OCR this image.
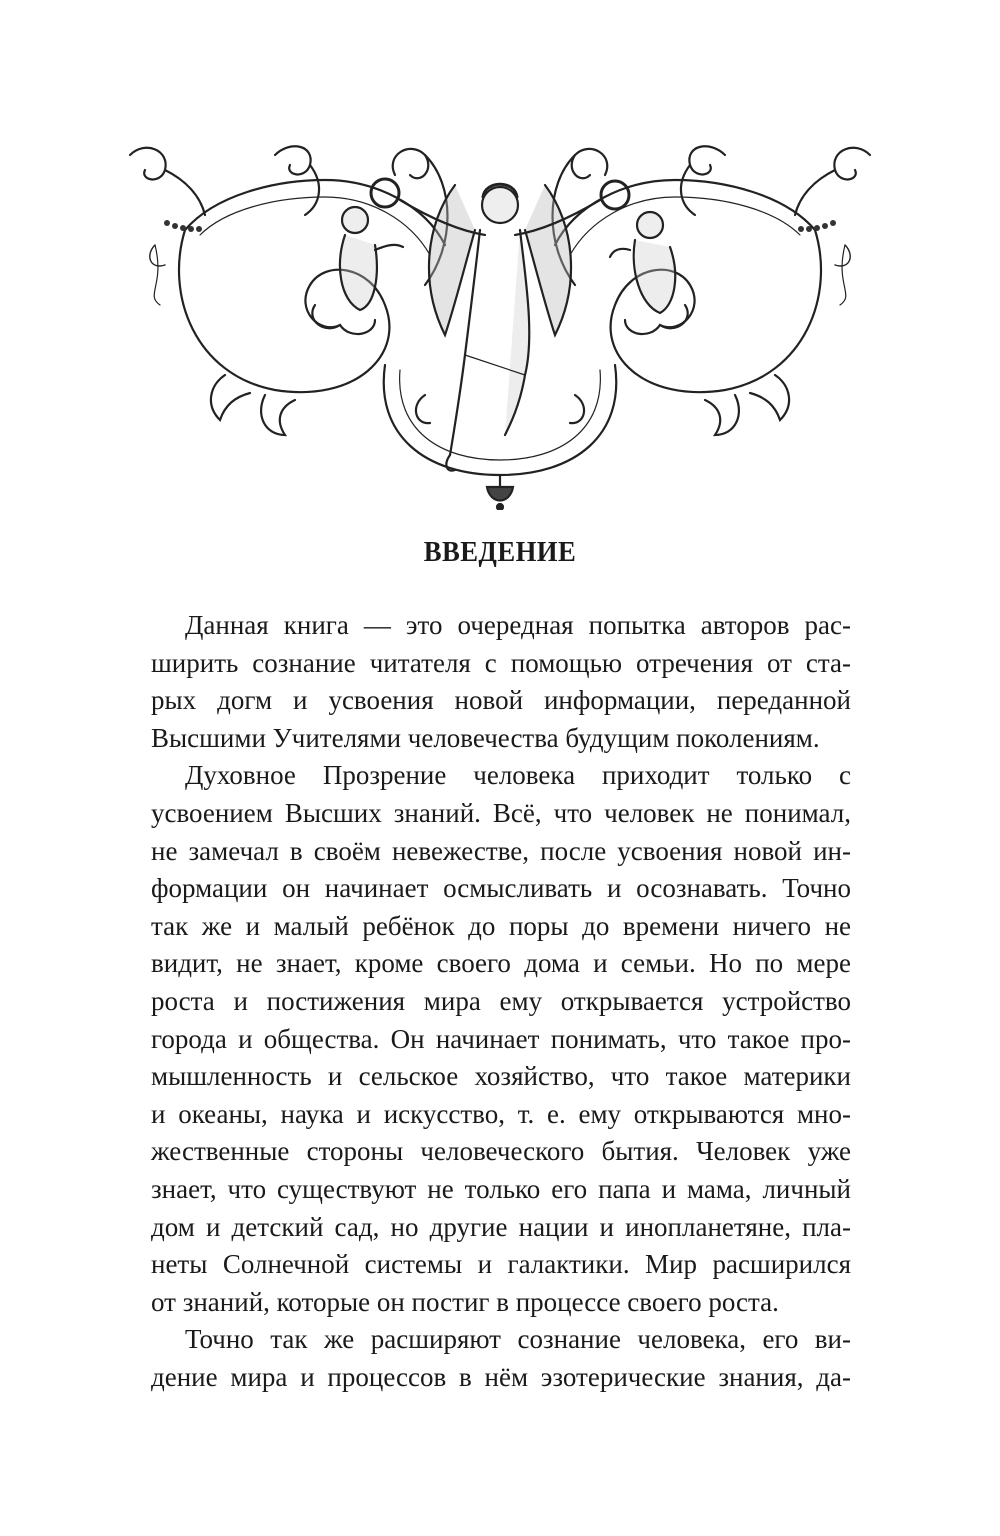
ВВЕДЕНИЕ
Данная книга — это очередная попытка авторов рас-
ширить сознание читателя с помощью отречения от ста-
рых догм и усвоения новой информации, переданной
Высшими Учителями человечества будущим поколениям.
Духовное Прозрение человека приходит только с
усвоением Высших знаний. Всё, что человек не понимал,
не замечал в своём невежестве, после усвоения новой ин-
формации он начинает осмысливать и осознавать. Точно
так же и малый ребёнок до поры до времени ничего не
видит, не знает, кроме своего дома и семьи. Но по мере
роста и постижения мира ему открывается устройство
города и общества. Он начинает понимать, что такое про-
мышленность и сельское хозяйство, что такое материки
и океаны, наука и искусство, т. е. ему открываются мно-
жественные стороны человеческого бытия. Человек уже
знает, что существуют не только его папа и мама, личный
дом и детский сад, но другие нации и инопланетяне, пла-
неты Солнечной системы и галактики. Мир расширился
от знаний, которые он постиг в процессе своего роста.
Точно так же расширяют сознание человека, его ви-
дение мира и процессов в нём эзотерические знания, да-
